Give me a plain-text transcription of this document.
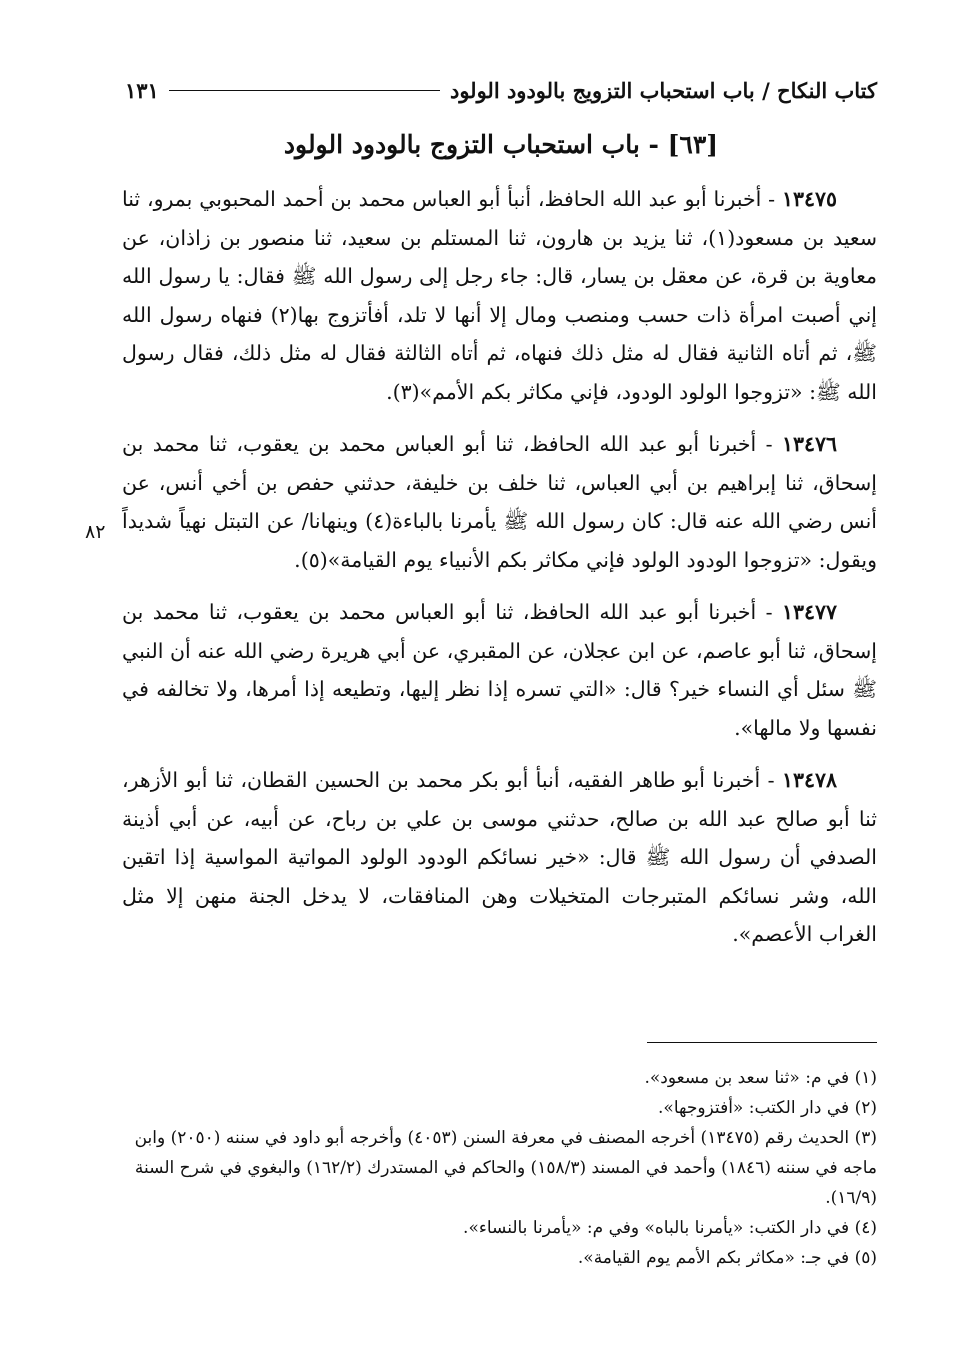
كتاب النكاح / باب استحباب التزويج بالودود الولود
١٣١
[٦٣] - باب استحباب التزوج بالودود الولود

١٣٤٧٥ - أخبرنا أبو عبد الله الحافظ، أنبأ أبو العباس محمد بن أحمد المحبوبي بمرو، ثنا سعيد بن مسعود(١)، ثنا يزيد بن هارون، ثنا المستلم بن سعيد، ثنا منصور بن زاذان، عن معاوية بن قرة، عن معقل بن يسار، قال: جاء رجل إلى رسول الله ﷺ فقال: يا رسول الله إني أصبت امرأة ذات حسب ومنصب ومال إلا أنها لا تلد، أفأتزوج بها(٢) فنهاه رسول الله ﷺ، ثم أتاه الثانية فقال له مثل ذلك فنهاه، ثم أتاه الثالثة فقال له مثل ذلك، فقال رسول الله ﷺ: «تزوجوا الولود الودود، فإني مكاثر بكم الأمم»(٣).

١٣٤٧٦ - أخبرنا أبو عبد الله الحافظ، ثنا أبو العباس محمد بن يعقوب، ثنا محمد بن إسحاق، ثنا إبراهيم بن أبي العباس، ثنا خلف بن خليفة، حدثني حفص بن أخي أنس، عن أنس رضي الله عنه قال: كان رسول الله ﷺ يأمرنا بالباءة(٤) وينهانا/ عن التبتل نهياً شديداً ويقول: «تزوجوا الودود الولود فإني مكاثر بكم الأنبياء يوم القيامة»(٥).

١٣٤٧٧ - أخبرنا أبو عبد الله الحافظ، ثنا أبو العباس محمد بن يعقوب، ثنا محمد بن إسحاق، ثنا أبو عاصم، عن ابن عجلان، عن المقبري، عن أبي هريرة رضي الله عنه أن النبي ﷺ سئل أي النساء خير؟ قال: «التي تسره إذا نظر إليها، وتطيعه إذا أمرها، ولا تخالفه في نفسها ولا مالها».

١٣٤٧٨ - أخبرنا أبو طاهر الفقيه، أنبأ أبو بكر محمد بن الحسين القطان، ثنا أبو الأزهر، ثنا أبو صالح عبد الله بن صالح، حدثني موسى بن علي بن رباح، عن أبيه، عن أبي أذينة الصدفي أن رسول الله ﷺ قال: «خير نسائكم الودود الولود المواتية المواسية إذا اتقين الله، وشر نسائكم المتبرجات المتخيلات وهن المنافقات، لا يدخل الجنة منهن إلا مثل الغراب الأعصم».

٨٢
(١) في م: «ثنا سعد بن مسعود».
(٢) في دار الكتب: «أفتزوجها».
(٣) الحديث رقم (١٣٤٧٥) أخرجه المصنف في معرفة السنن (٤٠٥٣) وأخرجه أبو داود في سننه (٢٠٥٠) وابن ماجه في سننه (١٨٤٦) وأحمد في المسند (١٥٨/٣) والحاكم في المستدرك (١٦٢/٢) والبغوي في شرح السنة (١٦/٩).
(٤) في دار الكتب: «يأمرنا بالباه» وفي م: «يأمرنا بالنساء».
(٥) في جـ: «مكاثر بكم الأمم يوم القيامة».
